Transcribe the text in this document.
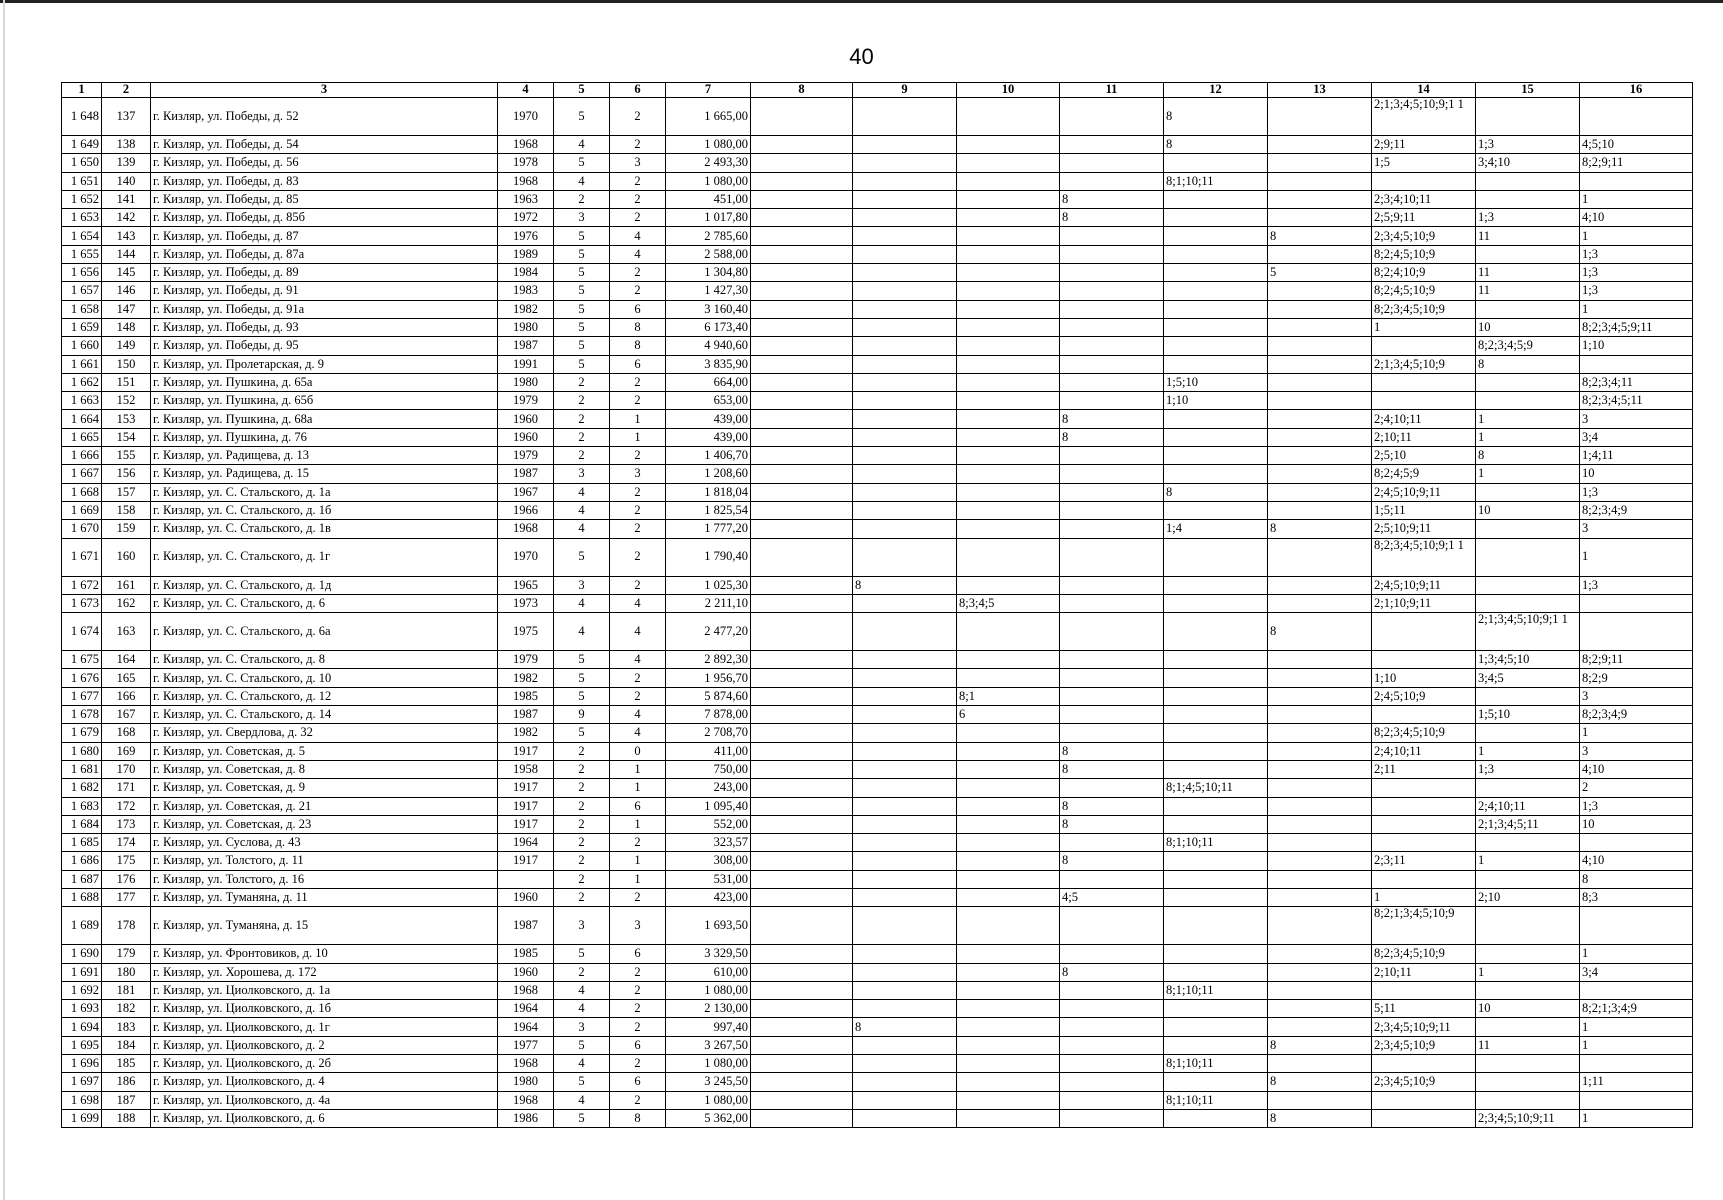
40
1	2	3	4	5	6	7	8	9	10	11	12	13	14	15	16
1 648	137	г. Кизляр, ул. Победы, д. 52	1970	5	2	1 665,00					8		2;1;3;4;5;10;9;1 1		
1 649	138	г. Кизляр, ул. Победы, д. 54	1968	4	2	1 080,00					8		2;9;11	1;3	4;5;10
1 650	139	г. Кизляр, ул. Победы, д. 56	1978	5	3	2 493,30							1;5	3;4;10	8;2;9;11
1 651	140	г. Кизляр, ул. Победы, д. 83	1968	4	2	1 080,00					8;1;10;11				
1 652	141	г. Кизляр, ул. Победы, д. 85	1963	2	2	451,00				8			2;3;4;10;11		1
1 653	142	г. Кизляр, ул. Победы, д. 85б	1972	3	2	1 017,80				8			2;5;9;11	1;3	4;10
1 654	143	г. Кизляр, ул. Победы, д. 87	1976	5	4	2 785,60						8	2;3;4;5;10;9	11	1
1 655	144	г. Кизляр, ул. Победы, д. 87а	1989	5	4	2 588,00							8;2;4;5;10;9		1;3
1 656	145	г. Кизляр, ул. Победы, д. 89	1984	5	2	1 304,80						5	8;2;4;10;9	11	1;3
1 657	146	г. Кизляр, ул. Победы, д. 91	1983	5	2	1 427,30							8;2;4;5;10;9	11	1;3
1 658	147	г. Кизляр, ул. Победы, д. 91а	1982	5	6	3 160,40							8;2;3;4;5;10;9		1
1 659	148	г. Кизляр, ул. Победы, д. 93	1980	5	8	6 173,40							1	10	8;2;3;4;5;9;11
1 660	149	г. Кизляр, ул. Победы, д. 95	1987	5	8	4 940,60								8;2;3;4;5;9	1;10
1 661	150	г. Кизляр, ул. Пролетарская, д. 9	1991	5	6	3 835,90							2;1;3;4;5;10;9	8	
1 662	151	г. Кизляр, ул. Пушкина, д. 65а	1980	2	2	664,00					1;5;10				8;2;3;4;11
1 663	152	г. Кизляр, ул. Пушкина, д. 65б	1979	2	2	653,00					1;10				8;2;3;4;5;11
1 664	153	г. Кизляр, ул. Пушкина, д. 68а	1960	2	1	439,00				8			2;4;10;11	1	3
1 665	154	г. Кизляр, ул. Пушкина, д. 76	1960	2	1	439,00				8			2;10;11	1	3;4
1 666	155	г. Кизляр, ул. Радищева, д. 13	1979	2	2	1 406,70							2;5;10	8	1;4;11
1 667	156	г. Кизляр, ул. Радищева, д. 15	1987	3	3	1 208,60							8;2;4;5;9	1	10
1 668	157	г. Кизляр, ул. С. Стальского, д. 1а	1967	4	2	1 818,04					8		2;4;5;10;9;11		1;3
1 669	158	г. Кизляр, ул. С. Стальского, д. 1б	1966	4	2	1 825,54							1;5;11	10	8;2;3;4;9
1 670	159	г. Кизляр, ул. С. Стальского, д. 1в	1968	4	2	1 777,20					1;4	8	2;5;10;9;11		3
1 671	160	г. Кизляр, ул. С. Стальского, д. 1г	1970	5	2	1 790,40							8;2;3;4;5;10;9;1 1		1
1 672	161	г. Кизляр, ул. С. Стальского, д. 1д	1965	3	2	1 025,30		8					2;4;5;10;9;11		1;3
1 673	162	г. Кизляр, ул. С. Стальского, д. 6	1973	4	4	2 211,10			8;3;4;5				2;1;10;9;11		
1 674	163	г. Кизляр, ул. С. Стальского, д. 6а	1975	4	4	2 477,20						8		2;1;3;4;5;10;9;1 1	
1 675	164	г. Кизляр, ул. С. Стальского, д. 8	1979	5	4	2 892,30								1;3;4;5;10	8;2;9;11
1 676	165	г. Кизляр, ул. С. Стальского, д. 10	1982	5	2	1 956,70							1;10	3;4;5	8;2;9
1 677	166	г. Кизляр, ул. С. Стальского, д. 12	1985	5	2	5 874,60			8;1				2;4;5;10;9		3
1 678	167	г. Кизляр, ул. С. Стальского, д. 14	1987	9	4	7 878,00			6					1;5;10	8;2;3;4;9
1 679	168	г. Кизляр, ул. Свердлова, д. 32	1982	5	4	2 708,70							8;2;3;4;5;10;9		1
1 680	169	г. Кизляр, ул. Советская, д. 5	1917	2	0	411,00				8			2;4;10;11	1	3
1 681	170	г. Кизляр, ул. Советская, д. 8	1958	2	1	750,00				8			2;11	1;3	4;10
1 682	171	г. Кизляр, ул. Советская, д. 9	1917	2	1	243,00					8;1;4;5;10;11				2
1 683	172	г. Кизляр, ул. Советская, д. 21	1917	2	6	1 095,40				8				2;4;10;11	1;3
1 684	173	г. Кизляр, ул. Советская, д. 23	1917	2	1	552,00				8				2;1;3;4;5;11	10
1 685	174	г. Кизляр, ул. Суслова, д. 43	1964	2	2	323,57					8;1;10;11				
1 686	175	г. Кизляр, ул. Толстого, д. 11	1917	2	1	308,00				8			2;3;11	1	4;10
1 687	176	г. Кизляр, ул. Толстого, д. 16		2	1	531,00									8
1 688	177	г. Кизляр, ул. Туманяна, д. 11	1960	2	2	423,00				4;5			1	2;10	8;3
1 689	178	г. Кизляр, ул. Туманяна, д. 15	1987	3	3	1 693,50							8;2;1;3;4;5;10;9		
1 690	179	г. Кизляр, ул. Фронтовиков, д. 10	1985	5	6	3 329,50							8;2;3;4;5;10;9		1
1 691	180	г. Кизляр, ул. Хорошева, д. 172	1960	2	2	610,00				8			2;10;11	1	3;4
1 692	181	г. Кизляр, ул. Циолковского, д. 1а	1968	4	2	1 080,00					8;1;10;11				
1 693	182	г. Кизляр, ул. Циолковского, д. 1б	1964	4	2	2 130,00							5;11	10	8;2;1;3;4;9
1 694	183	г. Кизляр, ул. Циолковского, д. 1г	1964	3	2	997,40		8					2;3;4;5;10;9;11		1
1 695	184	г. Кизляр, ул. Циолковского, д. 2	1977	5	6	3 267,50						8	2;3;4;5;10;9	11	1
1 696	185	г. Кизляр, ул. Циолковского, д. 2б	1968	4	2	1 080,00					8;1;10;11				
1 697	186	г. Кизляр, ул. Циолковского, д. 4	1980	5	6	3 245,50						8	2;3;4;5;10;9		1;11
1 698	187	г. Кизляр, ул. Циолковского, д. 4а	1968	4	2	1 080,00					8;1;10;11				
1 699	188	г. Кизляр, ул. Циолковского, д. 6	1986	5	8	5 362,00						8		2;3;4;5;10;9;11	1
